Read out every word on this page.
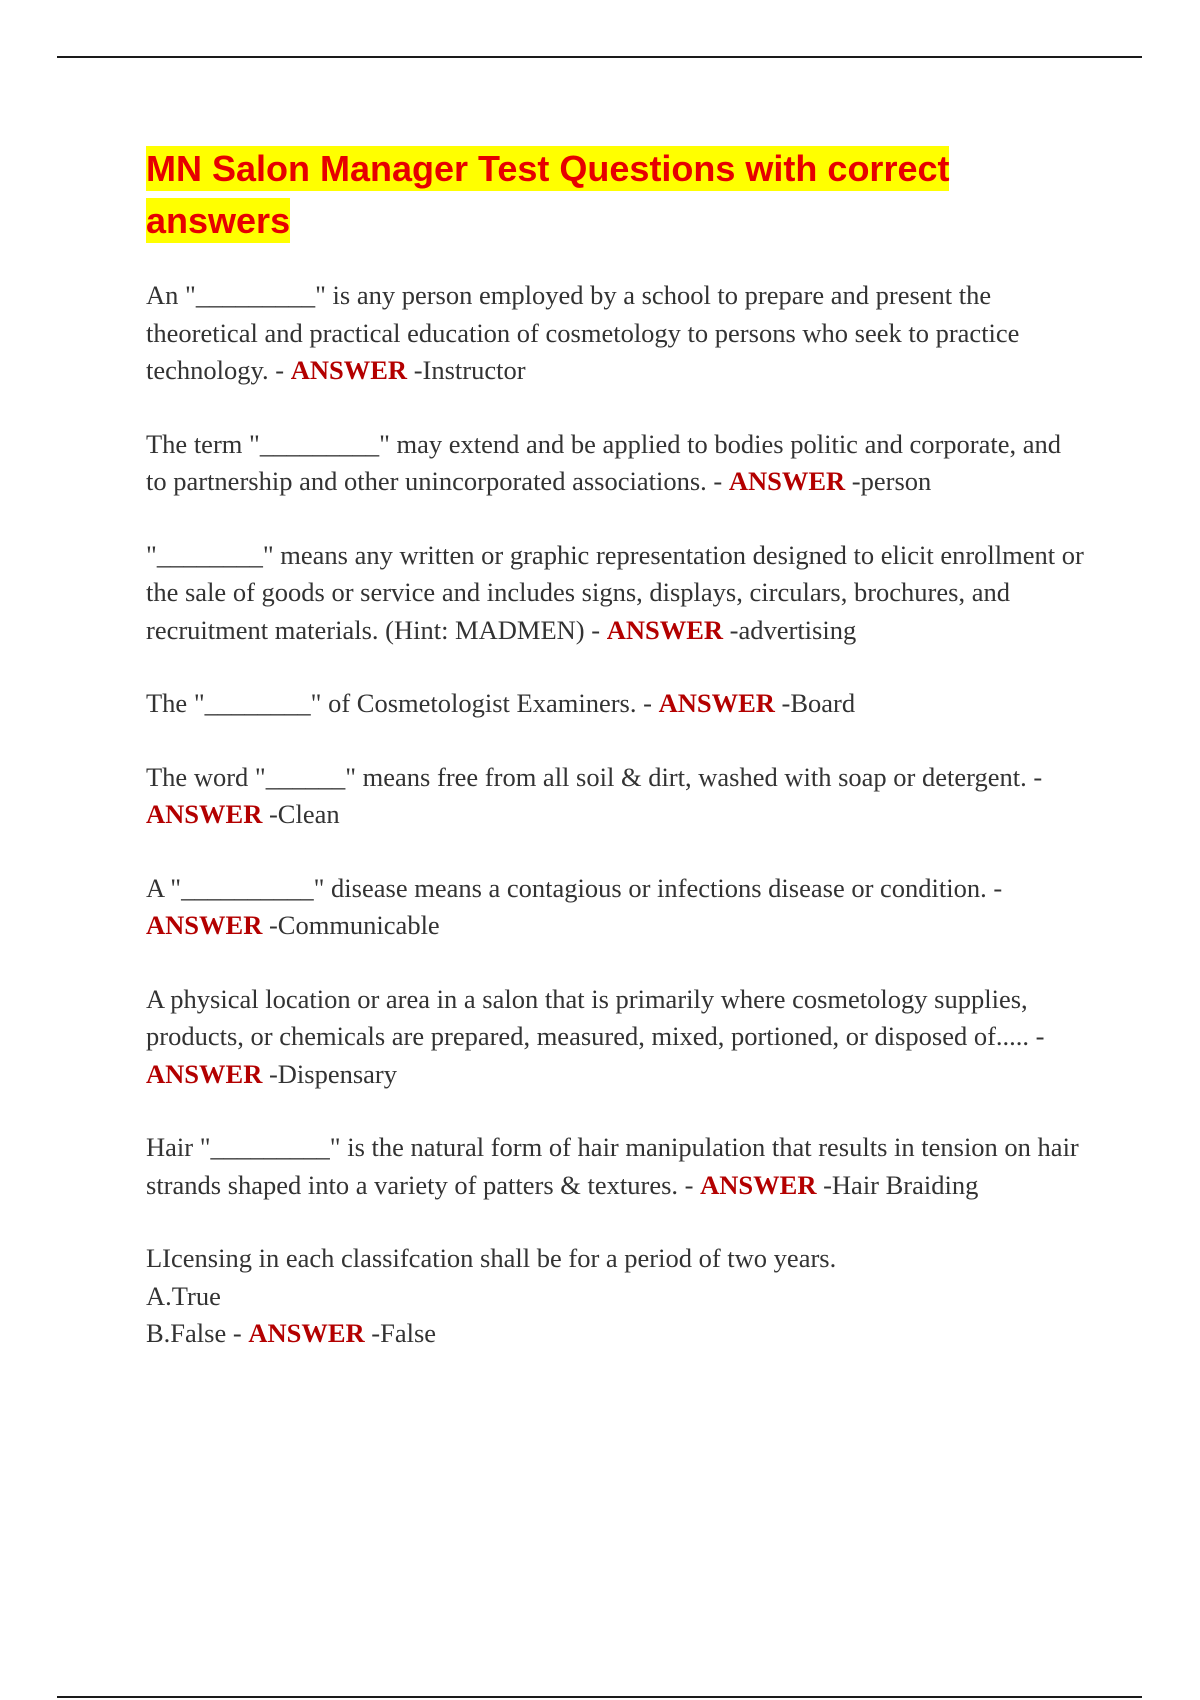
MN Salon Manager Test Questions with correct answers
An "_________" is any person employed by a school to prepare and present the theoretical and practical education of cosmetology to persons who seek to practice technology. - ANSWER -Instructor
The term "_________" may extend and be applied to bodies politic and corporate, and to partnership and other unincorporated associations. - ANSWER -person
"________" means any written or graphic representation designed to elicit enrollment or the sale of goods or service and includes signs, displays, circulars, brochures, and recruitment materials. (Hint: MADMEN) - ANSWER -advertising
The "________" of Cosmetologist Examiners. - ANSWER -Board
The word "______" means free from all soil & dirt, washed with soap or detergent. - ANSWER -Clean
A "__________" disease means a contagious or infections disease or condition. - ANSWER -Communicable
A physical location or area in a salon that is primarily where cosmetology supplies, products, or chemicals are prepared, measured, mixed, portioned, or disposed of..... - ANSWER -Dispensary
Hair "_________" is the natural form of hair manipulation that results in tension on hair strands shaped into a variety of patters & textures. - ANSWER -Hair Braiding
LIcensing in each classifcation shall be for a period of two years.
A.True
B.False - ANSWER -False
